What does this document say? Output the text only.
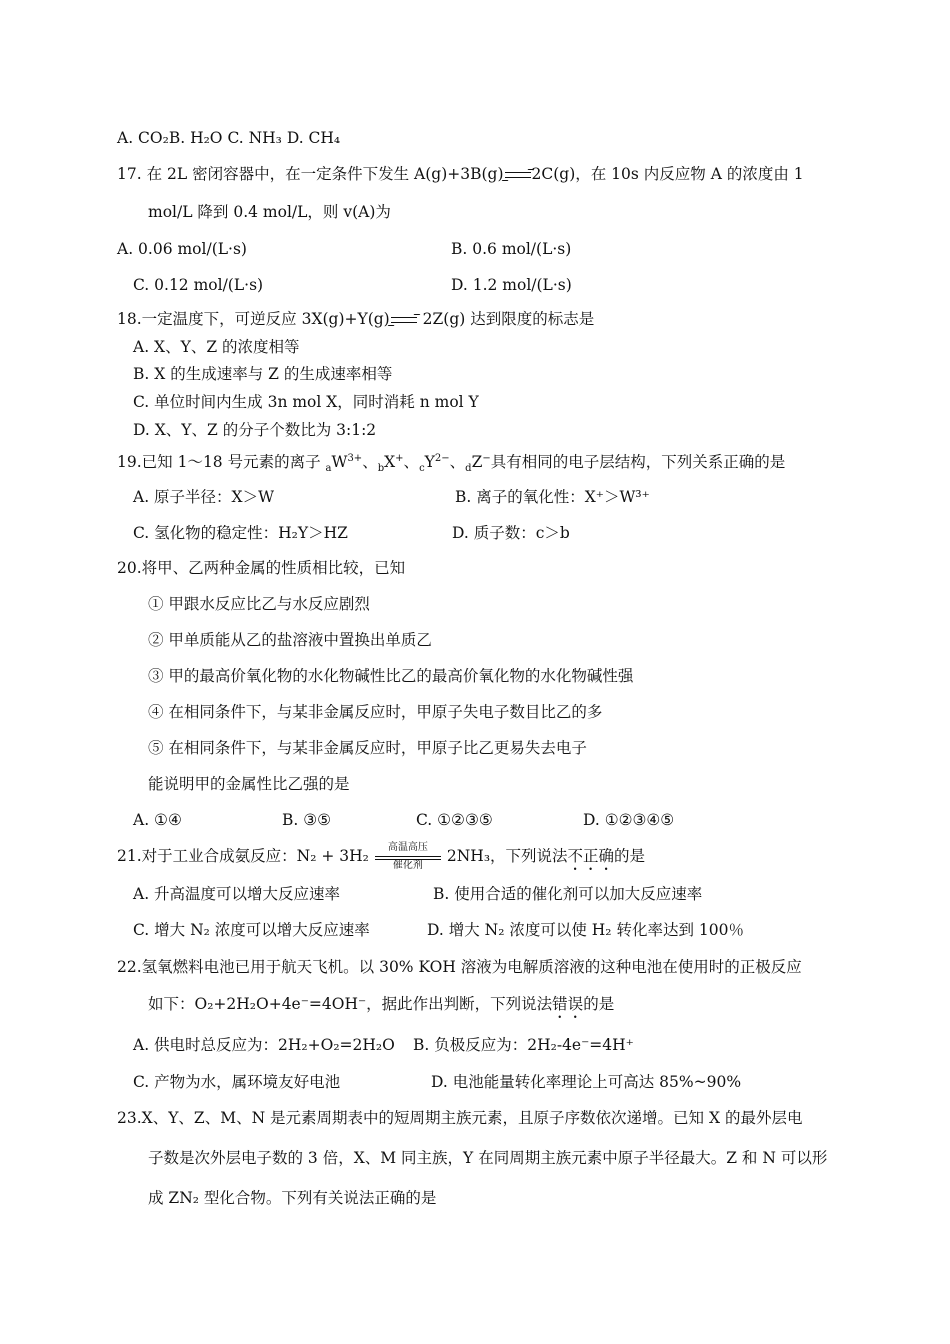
A. CO₂B. H₂O C. NH₃ D. CH₄
17. 在 2L 密闭容器中，在一定条件下发生 A(g)+3B(g) 2C(g)，在 10s 内反应物 A 的浓度由 1
mol/L 降到 0.4 mol/L，则 v(A)为
A. 0.06 mol/(L·s)	B. 0.6 mol/(L·s)
C. 0.12 mol/(L·s)	D. 1.2 mol/(L·s)
18.一定温度下，可逆反应 3X(g)+Y(g)
2Z(g) 达到限度的标志是
A. X、Y、Z 的浓度相等
B. X 的生成速率与 Z 的生成速率相等
C. 单位时间内生成 3n mol X，同时消耗 n mol Y
D. X、Y、Z 的分子个数比为 3:1:2
19.已知 1～18 号元素的离子 $_aW^{3+}$、$_b$X+、$_cY^{2-}$、$_d$Z−具有相同的电子层结构，下列关系正确的是
A. 原子半径：X＞W	B. 离子的氧化性：X⁺＞W³⁺
C. 氢化物的稳定性：H₂Y＞HZ	D. 质子数：c＞b
20.将甲、乙两种金属的性质相比较，已知
① 甲跟水反应比乙与水反应剧烈
② 甲单质能从乙的盐溶液中置换出单质乙
③ 甲的最高价氧化物的水化物碱性比乙的最高价氧化物的水化物碱性强
④ 在相同条件下，与某非金属反应时，甲原子失电子数目比乙的多
⑤ 在相同条件下，与某非金属反应时，甲原子比乙更易失去电子
能说明甲的金属性比乙强的是
A. ①④	B. ③⑤	C. ①②③⑤	D. ①②③④⑤
21.对于工业合成氨反应：N₂ + 3H₂	高温高压
催化剂
2NH₃，下列说法不正确的是
A. 升高温度可以增大反应速率	B. 使用合适的催化剂可以加大反应速率
C. 增大 N₂ 浓度可以增大反应速率	D. 增大 N₂ 浓度可以使 H₂ 转化率达到 100％
22.氢氧燃料电池已用于航天飞机。以 30% KOH 溶液为电解质溶液的这种电池在使用时的正极反应
如下：O₂+2H₂O+4e⁻=4OH⁻，据此作出判断，下列说法错误的是
A. 供电时总反应为：2H₂+O₂=2H₂O B. 负极反应为：2H₂-4e⁻=4H⁺
C. 产物为水，属环境友好电池	D. 电池能量转化率理论上可高达 85%~90%
23.X、Y、Z、M、N 是元素周期表中的短周期主族元素，且原子序数依次递增。已知 X 的最外层电
子数是次外层电子数的 3 倍，X、M 同主族，Y 在同周期主族元素中原子半径最大。Z 和 N 可以形
成 ZN₂ 型化合物。下列有关说法正确的是
